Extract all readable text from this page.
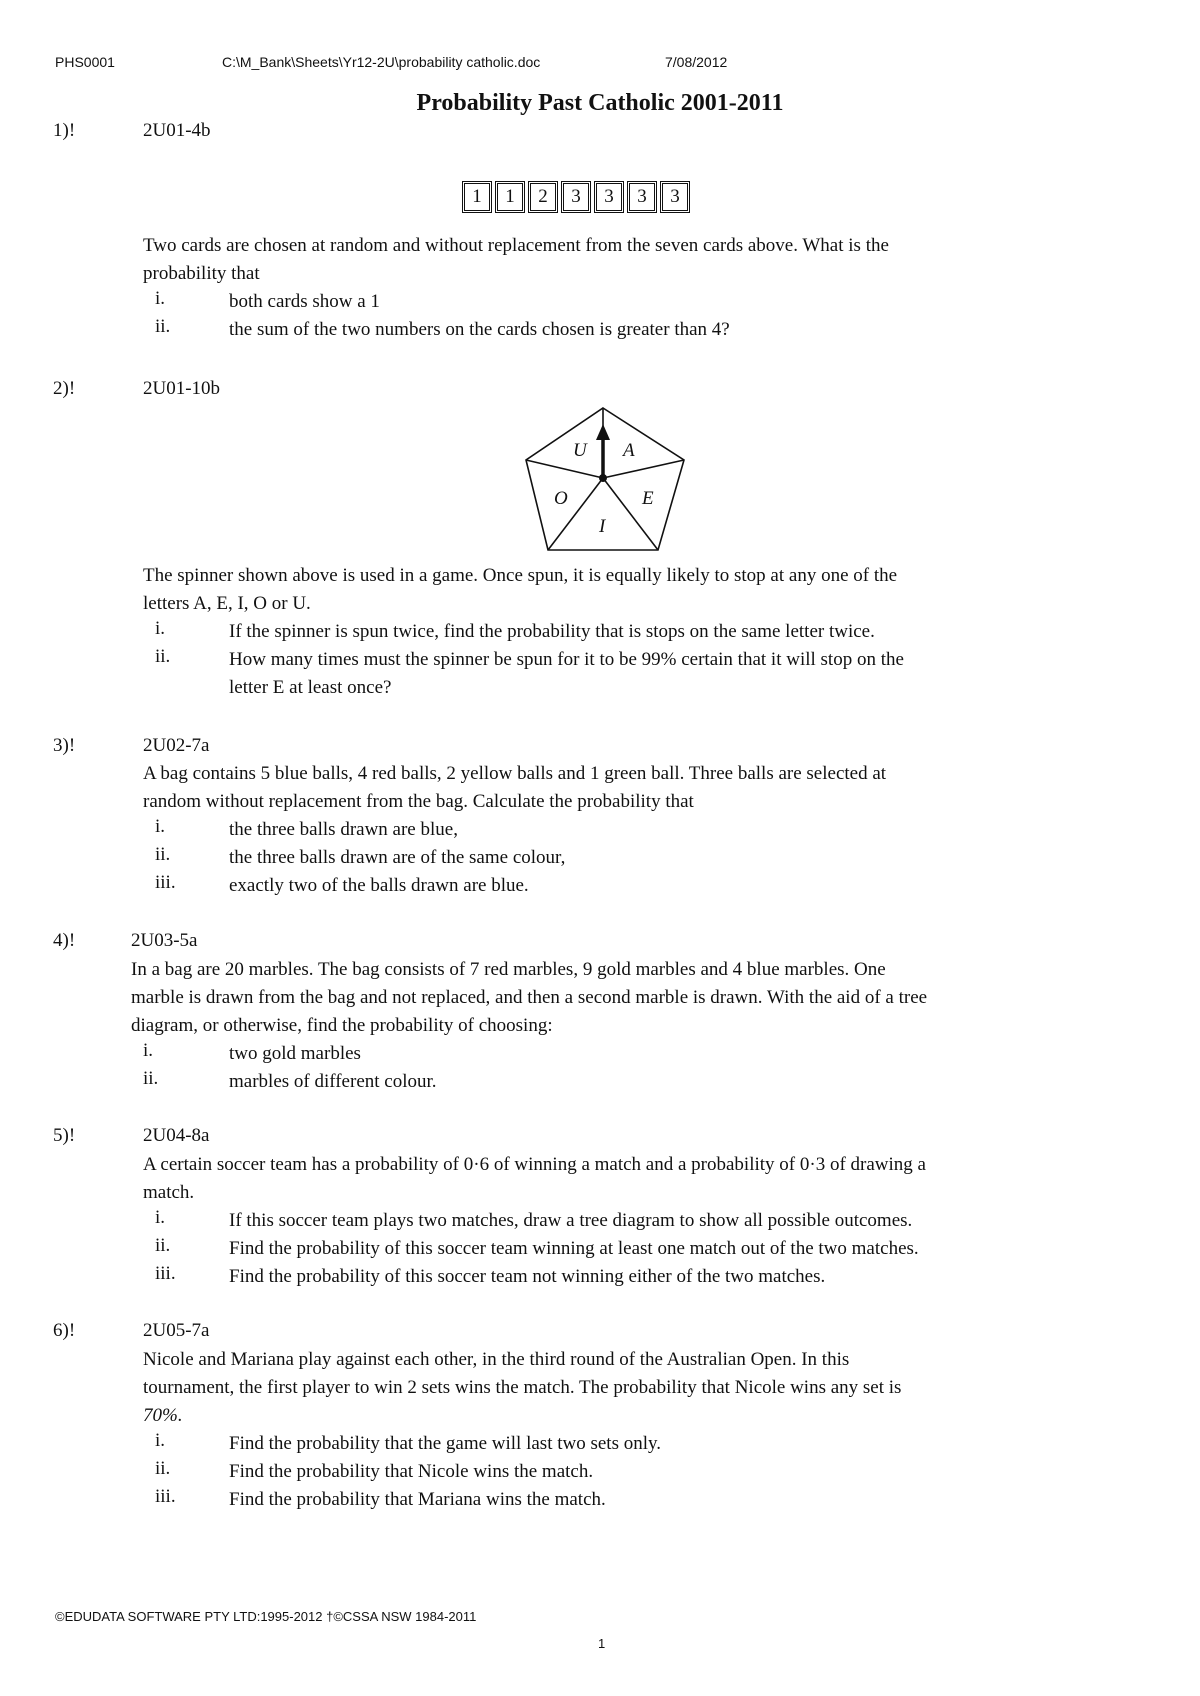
PHS0001	C:\M_Bank\Sheets\Yr12-2U\probability catholic.doc	7/08/2012
Probability Past Catholic 2001-2011
1)!	2U01-4b
1	1	2	3	3	3	3
Two cards are chosen at random and without replacement from the seven cards above. What is the
probability that
i.	both cards show a 1
ii.	the sum of the two numbers on the cards chosen is greater than 4?
2)!	2U01-10b
U A
O	E
I
The spinner shown above is used in a game. Once spun, it is equally likely to stop at any one of the
letters A, E, I, O or U.
i.	If the spinner is spun twice, find the probability that is stops on the same letter twice.
ii.	How many times must the spinner be spun for it to be 99% certain that it will stop on the
letter E at least once?
3)!	2U02-7a
A bag contains 5 blue balls, 4 red balls, 2 yellow balls and 1 green ball. Three balls are selected at
random without replacement from the bag. Calculate the probability that
i.	the three balls drawn are blue,
ii.	the three balls drawn are of the same colour,
iii.	exactly two of the balls drawn are blue.
4)!	2U03-5a
In a bag are 20 marbles. The bag consists of 7 red marbles, 9 gold marbles and 4 blue marbles. One
marble is drawn from the bag and not replaced, and then a second marble is drawn. With the aid of a tree
diagram, or otherwise, find the probability of choosing:
i.	two gold marbles
ii.	marbles of different colour.
5)!	2U04-8a
A certain soccer team has a probability of 0·6 of winning a match and a probability of 0·3 of drawing a
match.
i.	If this soccer team plays two matches, draw a tree diagram to show all possible outcomes.
ii.	Find the probability of this soccer team winning at least one match out of the two matches.
iii.	Find the probability of this soccer team not winning either of the two matches.
6)!	2U05-7a
Nicole and Mariana play against each other, in the third round of the Australian Open. In this
tournament, the first player to win 2 sets wins the match. The probability that Nicole wins any set is
70%.
i.	Find the probability that the game will last two sets only.
ii.	Find the probability that Nicole wins the match.
iii.	Find the probability that Mariana wins the match.
©EDUDATA SOFTWARE PTY LTD:1995-2012 †©CSSA NSW 1984-2011
1
